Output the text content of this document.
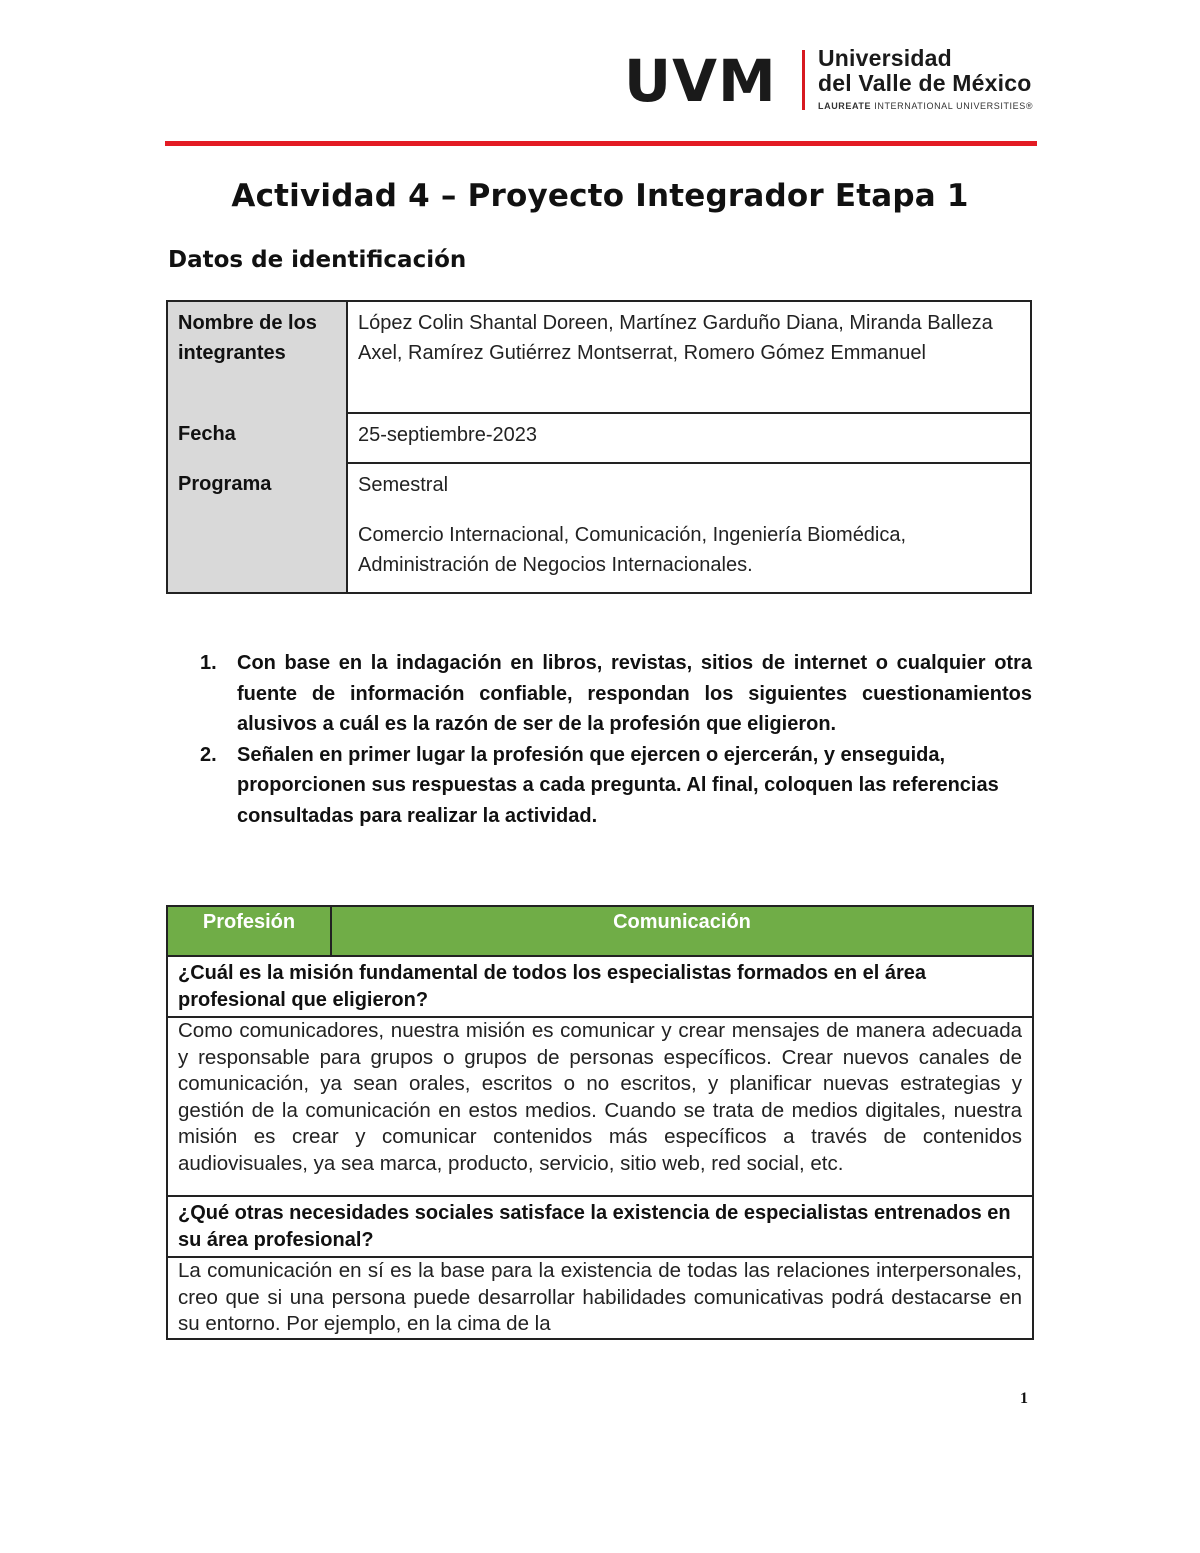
UVM Universidad
del Valle de México
LAUREATE INTERNATIONAL UNIVERSITIES®
Actividad 4 – Proyecto Integrador Etapa 1
Datos de identificación
Nombre de los integrantes	López Colin Shantal Doreen, Martínez Garduño Diana, Miranda Balleza Axel, Ramírez Gutiérrez Montserrat, Romero Gómez Emmanuel
Fecha	25-septiembre-2023
Programa	Semestral

Comercio Internacional, Comunicación, Ingeniería Biomédica, Administración de Negocios Internacionales.

1. Con base en la indagación en libros, revistas, sitios de internet o cualquier otra fuente de información confiable, respondan los siguientes cuestionamientos alusivos a cuál es la razón de ser de la profesión que eligieron.
2. Señalen en primer lugar la profesión que ejercen o ejercerán, y enseguida, proporcionen sus respuestas a cada pregunta. Al final, coloquen las referencias consultadas para realizar la actividad.
Profesión	Comunicación
¿Cuál es la misión fundamental de todos los especialistas formados en el área profesional que eligieron?
Como comunicadores, nuestra misión es comunicar y crear mensajes de manera adecuada y responsable para grupos o grupos de personas específicos. Crear nuevos canales de comunicación, ya sean orales, escritos o no escritos, y planificar nuevas estrategias y gestión de la comunicación en estos medios. Cuando se trata de medios digitales, nuestra misión es crear y comunicar contenidos más específicos a través de contenidos audiovisuales, ya sea marca, producto, servicio, sitio web, red social, etc.
¿Qué otras necesidades sociales satisface la existencia de especialistas entrenados en su área profesional?
La comunicación en sí es la base para la existencia de todas las relaciones interpersonales, creo que si una persona puede desarrollar habilidades comunicativas podrá destacarse en su entorno. Por ejemplo, en la cima de la
1
